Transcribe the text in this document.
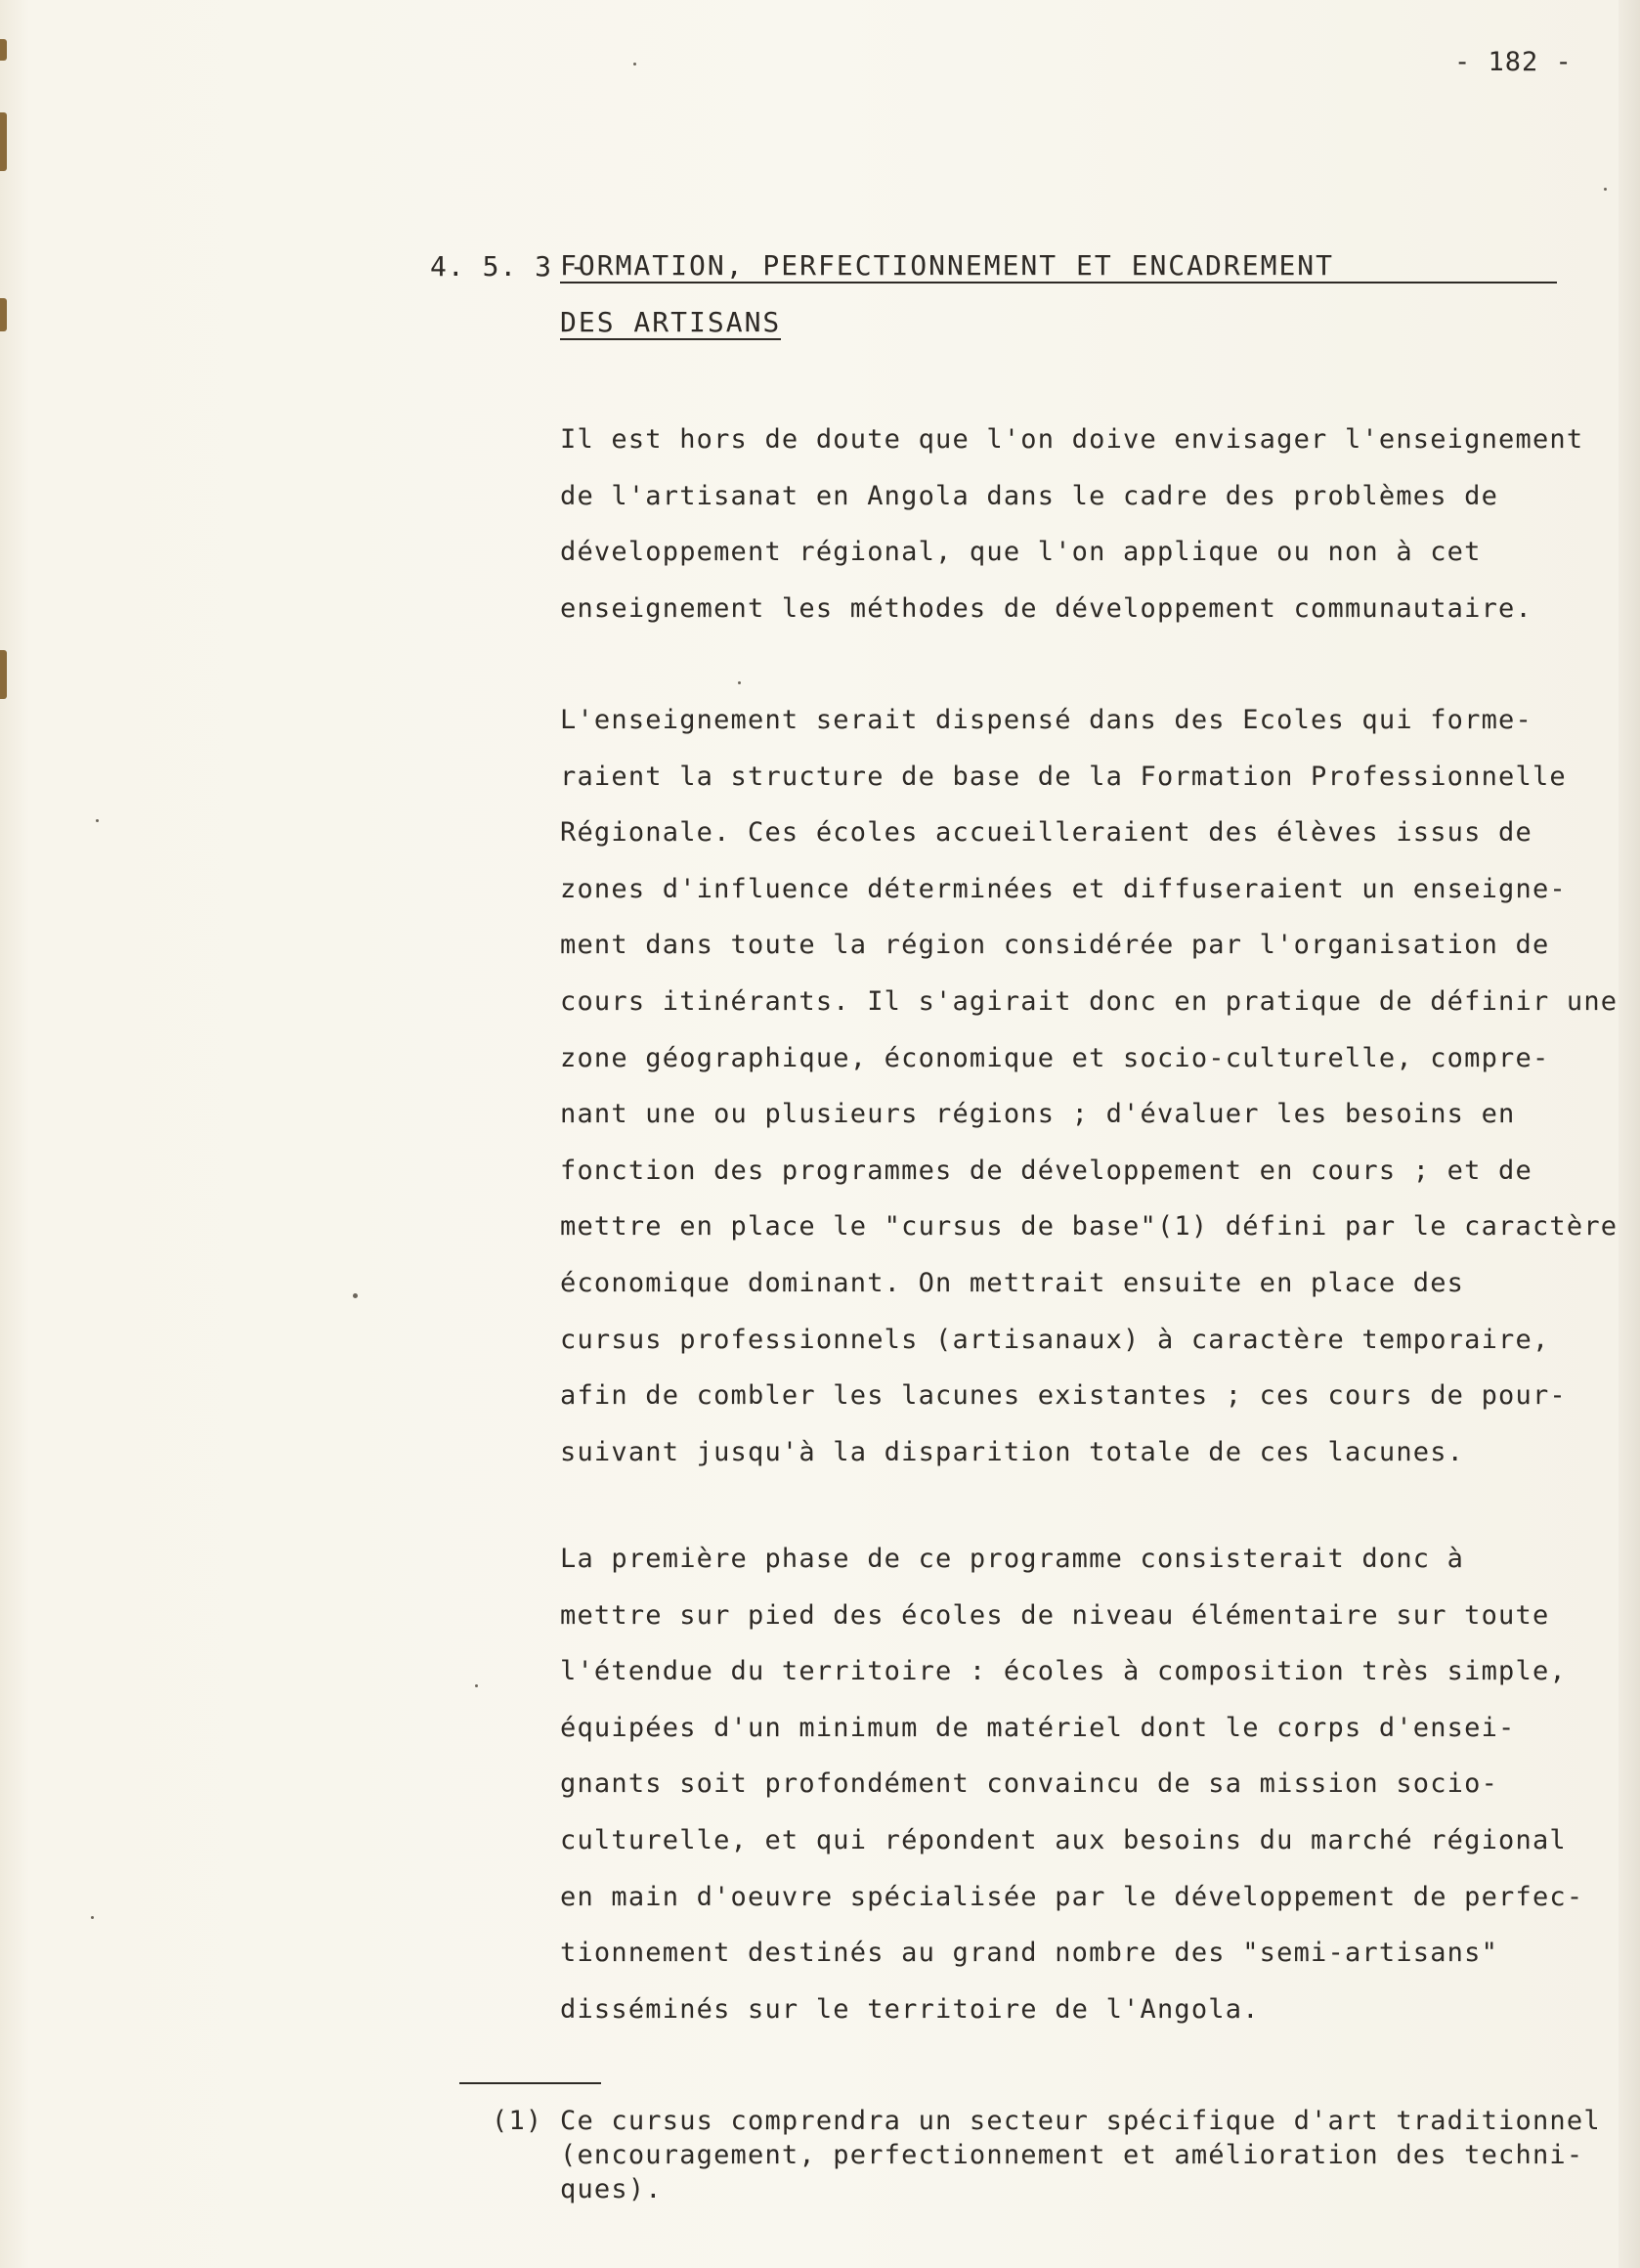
- 182 -
4. 5. 3 -
FORMATION, PERFECTIONNEMENT ET ENCADREMENT
DES ARTISANS
Il est hors de doute que l'on doive envisager l'enseignement
de l'artisanat en Angola dans le cadre des problèmes de
développement régional, que l'on applique ou non à cet
enseignement les méthodes de développement communautaire.
L'enseignement serait dispensé dans des Ecoles qui forme-
raient la structure de base de la Formation Professionnelle
Régionale. Ces écoles accueilleraient des élèves issus de
zones d'influence déterminées et diffuseraient un enseigne-
ment dans toute la région considérée par l'organisation de
cours itinérants. Il s'agirait donc en pratique de définir une
zone géographique, économique et socio-culturelle, compre-
nant une ou plusieurs régions ; d'évaluer les besoins en
fonction des programmes de développement en cours ; et de
mettre en place le "cursus de base"(1) défini par le caractère
économique dominant. On mettrait ensuite en place des
cursus professionnels (artisanaux) à caractère temporaire,
afin de combler les lacunes existantes ; ces cours de pour-
suivant jusqu'à la disparition totale de ces lacunes.
La première phase de ce programme consisterait donc à
mettre sur pied des écoles de niveau élémentaire sur toute
l'étendue du territoire : écoles à composition très simple,
équipées d'un minimum de matériel dont le corps d'ensei-
gnants soit profondément convaincu de sa mission socio-
culturelle, et qui répondent aux besoins du marché régional
en main d'oeuvre spécialisée par le développement de perfec-
tionnement destinés au grand nombre des "semi-artisans"
disséminés sur le territoire de l'Angola.
(1) Ce cursus comprendra un secteur spécifique d'art traditionnel
(encouragement, perfectionnement et amélioration des techni-
ques).
